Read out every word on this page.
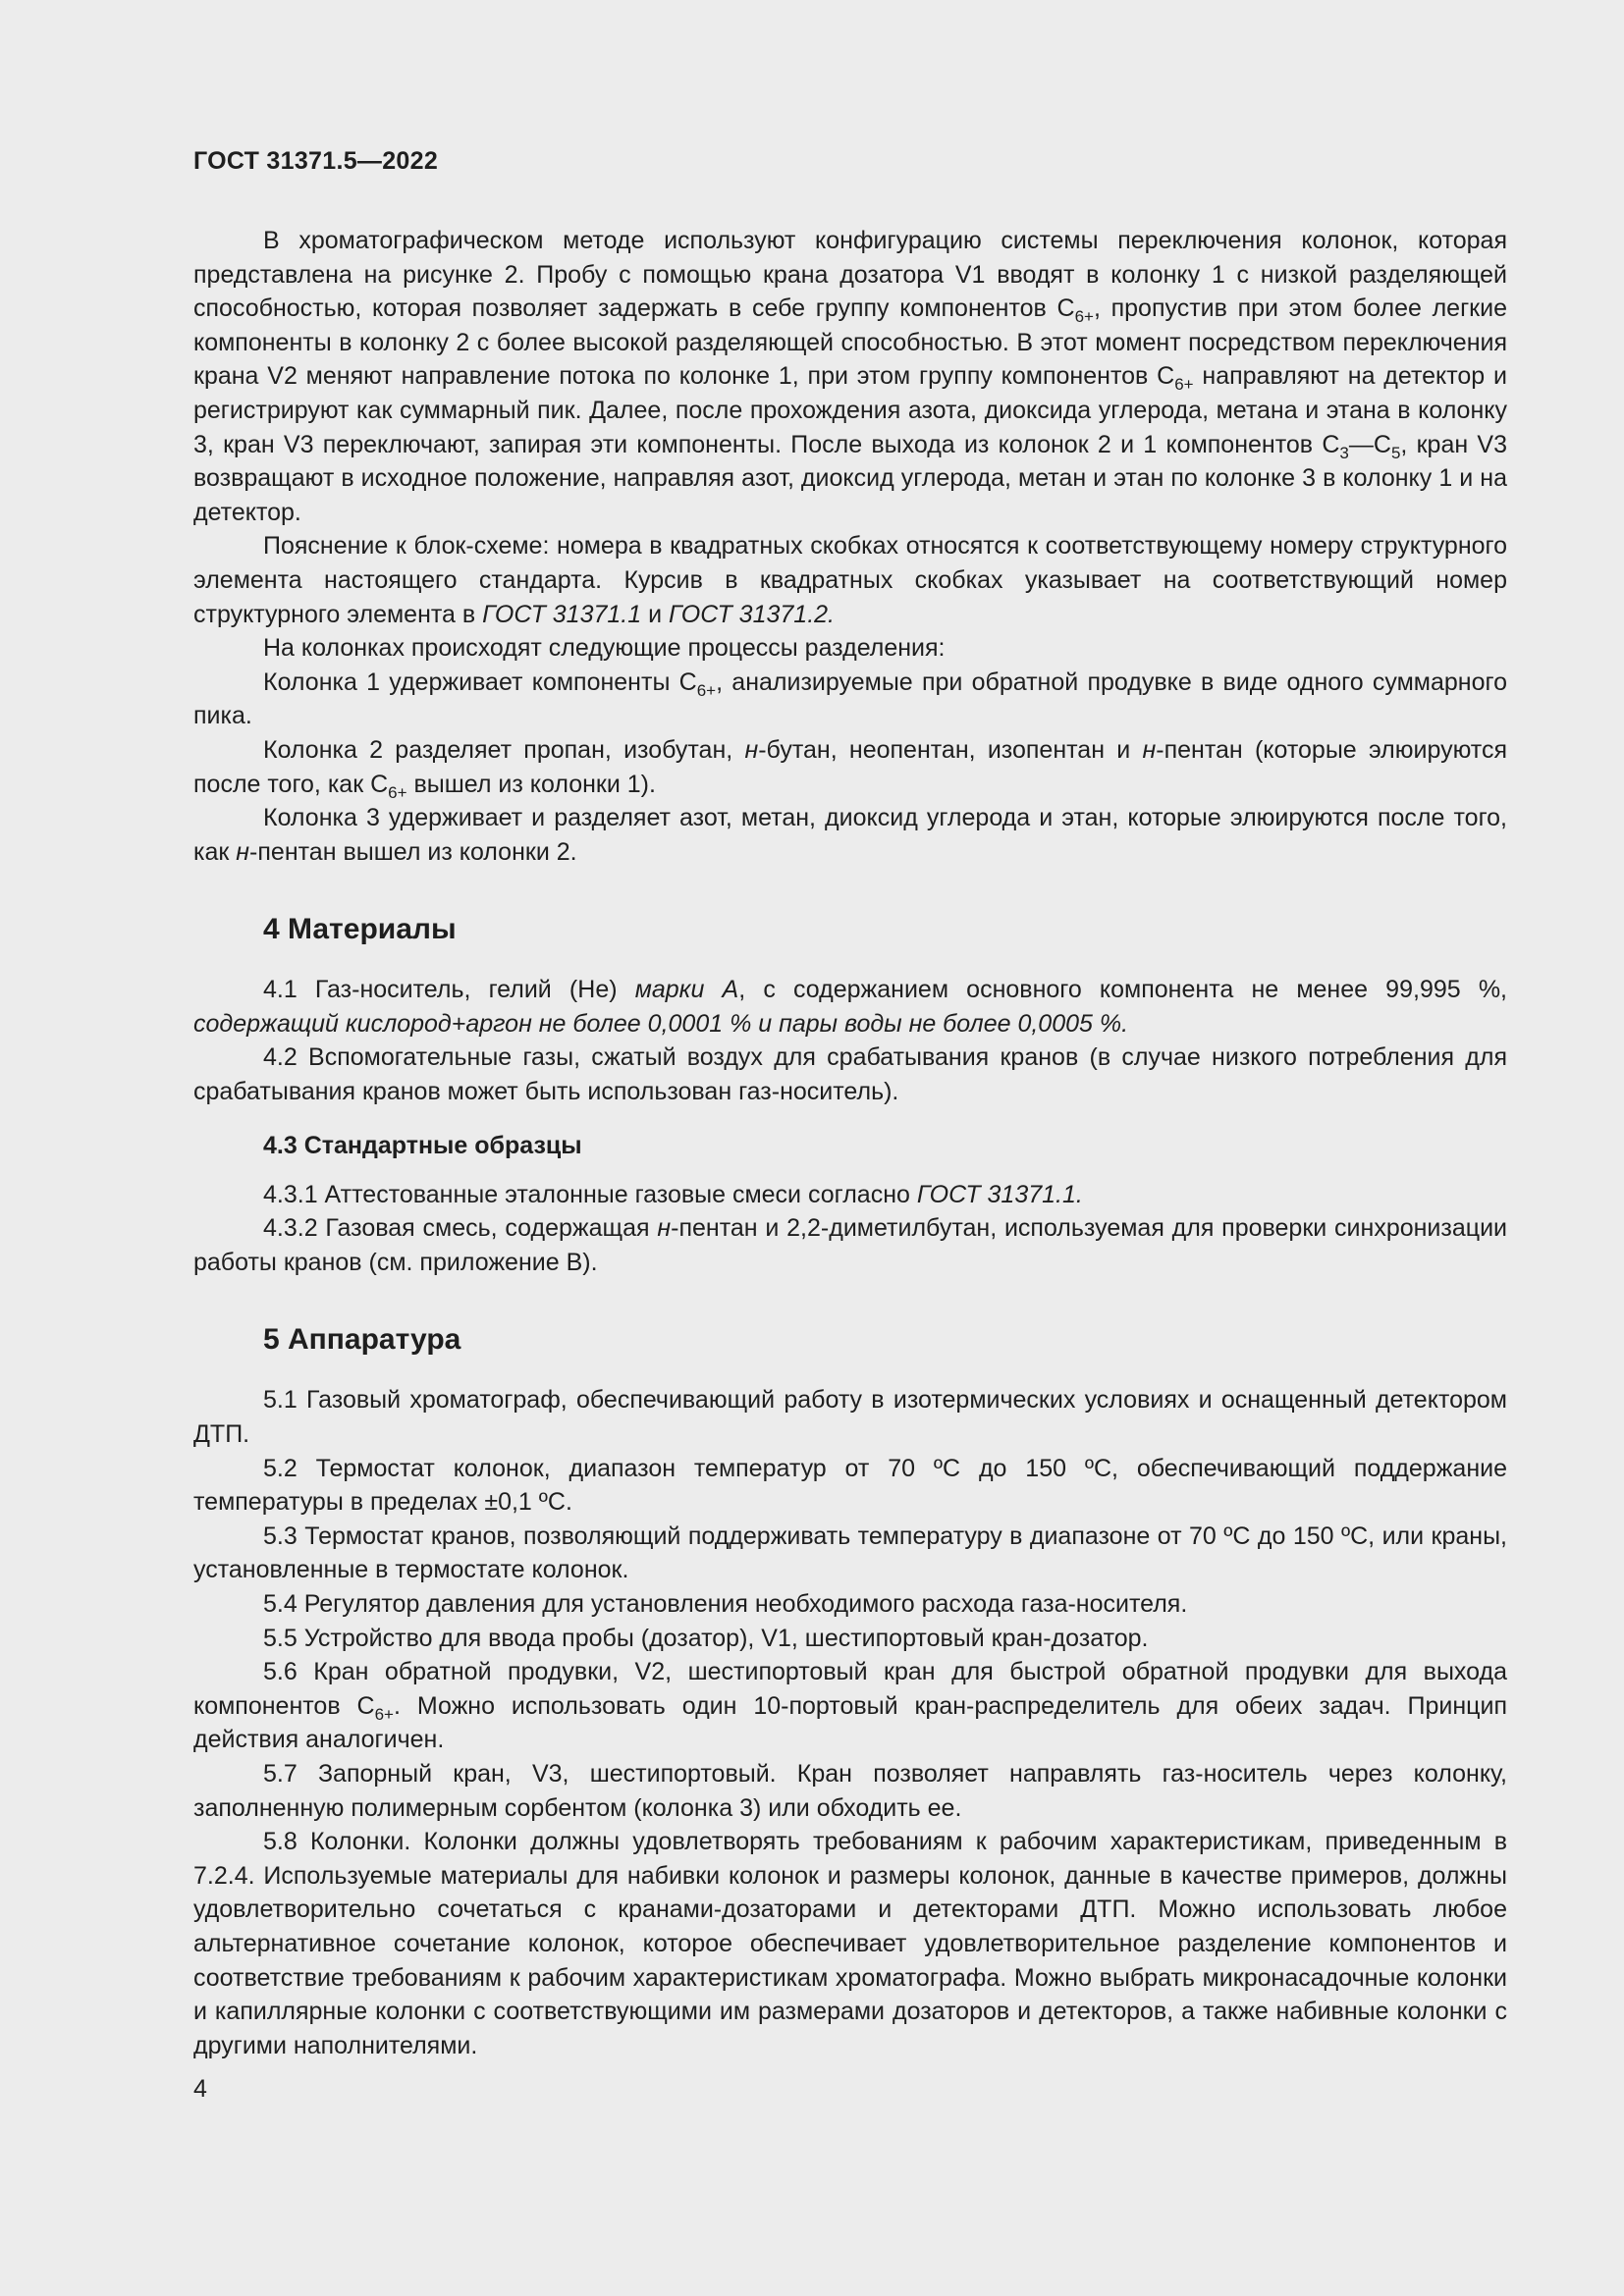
ГОСТ 31371.5—2022

В хроматографическом методе используют конфигурацию системы переключения колонок, которая представлена на рисунке 2. Пробу с помощью крана дозатора V1 вводят в колонку 1 с низкой разделяющей способностью, которая позволяет задержать в себе группу компонентов $С_{6+}$, пропустив при этом более легкие компоненты в колонку 2 с более высокой разделяющей способностью. В этот момент посредством переключения крана V2 меняют направление потока по колонке 1, при этом группу компонентов $С_{6+}$ направляют на детектор и регистрируют как суммарный пик. Далее, после прохождения азота, диоксида углерода, метана и этана в колонку 3, кран V3 переключают, запирая эти компоненты. После выхода из колонок 2 и 1 компонентов $С_3—С_5$, кран V3 возвращают в исходное положение, направляя азот, диоксид углерода, метан и этан по колонке 3 в колонку 1 и на детектор.

Пояснение к блок-схеме: номера в квадратных скобках относятся к соответствующему номеру структурного элемента настоящего стандарта. Курсив в квадратных скобках указывает на соответствующий номер структурного элемента в ГОСТ 31371.1 и ГОСТ 31371.2.

На колонках происходят следующие процессы разделения:

Колонка 1 удерживает компоненты $С_{6+}$, анализируемые при обратной продувке в виде одного суммарного пика.

Колонка 2 разделяет пропан, изобутан, н-бутан, неопентан, изопентан и н-пентан (которые элюируются после того, как $С_{6+}$ вышел из колонки 1).

Колонка 3 удерживает и разделяет азот, метан, диоксид углерода и этан, которые элюируются после того, как н-пентан вышел из колонки 2.

4 Материалы

4.1 Газ-носитель, гелий (Не) марки А, с содержанием основного компонента не менее 99,995 %, содержащий кислород+аргон не более 0,0001 % и пары воды не более 0,0005 %.

4.2 Вспомогательные газы, сжатый воздух для срабатывания кранов (в случае низкого потребления для срабатывания кранов может быть использован газ-носитель).

4.3 Стандартные образцы

4.3.1 Аттестованные эталонные газовые смеси согласно ГОСТ 31371.1.

4.3.2 Газовая смесь, содержащая н-пентан и 2,2-диметилбутан, используемая для проверки синхронизации работы кранов (см. приложение В).

5 Аппаратура

5.1 Газовый хроматограф, обеспечивающий работу в изотермических условиях и оснащенный детектором ДТП.

5.2 Термостат колонок, диапазон температур от 70 ºС до 150 ºС, обеспечивающий поддержание температуры в пределах ±0,1 ºС.

5.3 Термостат кранов, позволяющий поддерживать температуру в диапазоне от 70 ºС до 150 ºС, или краны, установленные в термостате колонок.

5.4 Регулятор давления для установления необходимого расхода газа-носителя.

5.5 Устройство для ввода пробы (дозатор), V1, шестипортовый кран-дозатор.

5.6 Кран обратной продувки, V2, шестипортовый кран для быстрой обратной продувки для выхода компонентов $С_{6+}$. Можно использовать один 10-портовый кран-распределитель для обеих задач. Принцип действия аналогичен.

5.7 Запорный кран, V3, шестипортовый. Кран позволяет направлять газ-носитель через колонку, заполненную полимерным сорбентом (колонка 3) или обходить ее.

5.8 Колонки. Колонки должны удовлетворять требованиям к рабочим характеристикам, приведенным в 7.2.4. Используемые материалы для набивки колонок и размеры колонок, данные в качестве примеров, должны удовлетворительно сочетаться с кранами-дозаторами и детекторами ДТП. Можно использовать любое альтернативное сочетание колонок, которое обеспечивает удовлетворительное разделение компонентов и соответствие требованиям к рабочим характеристикам хроматографа. Можно выбрать микронасадочные колонки и капиллярные колонки с соответствующими им размерами дозаторов и детекторов, а также набивные колонки с другими наполнителями.

4
